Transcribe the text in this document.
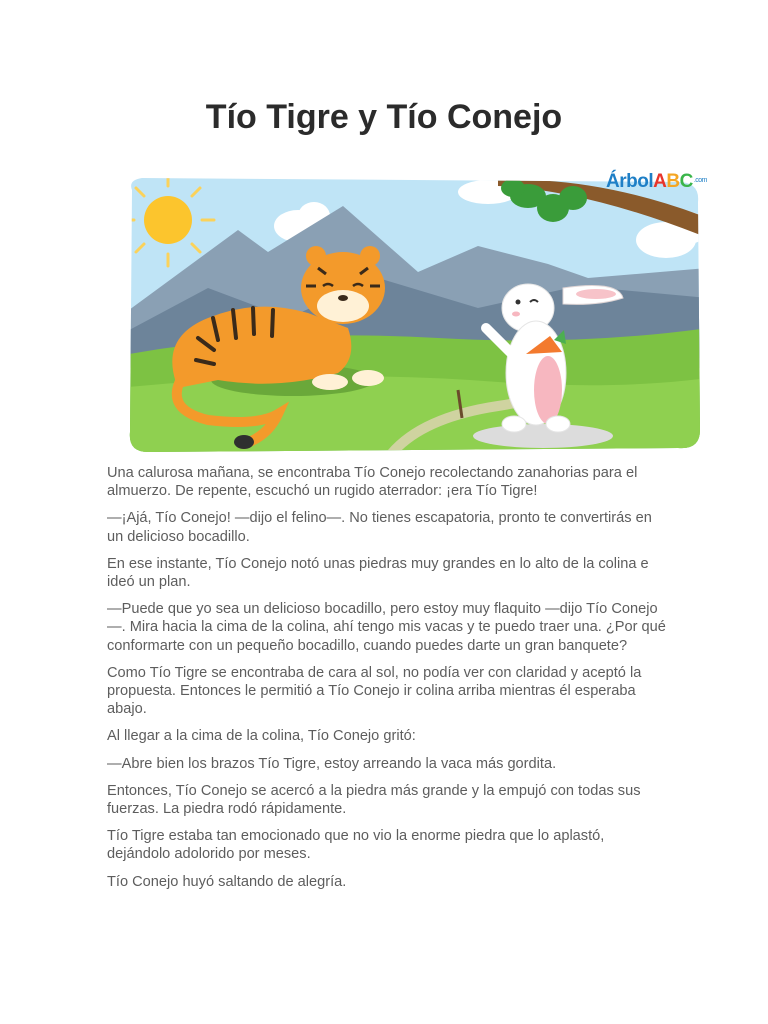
Tío Tigre y Tío Conejo
ÁrbolABC$^{.com}$

Una calurosa mañana, se encontraba Tío Conejo recolectando zanahorias para el almuerzo. De repente, escuchó un rugido aterrador: ¡era Tío Tigre!

—¡Ajá, Tío Conejo! —dijo el felino—. No tienes escapatoria, pronto te convertirás en un delicioso bocadillo.

En ese instante, Tío Conejo notó unas piedras muy grandes en lo alto de la colina e ideó un plan.

—Puede que yo sea un delicioso bocadillo, pero estoy muy flaquito —dijo Tío Conejo—. Mira hacia la cima de la colina, ahí tengo mis vacas y te puedo traer una. ¿Por qué conformarte con un pequeño bocadillo, cuando puedes darte un gran banquete?

Como Tío Tigre se encontraba de cara al sol, no podía ver con claridad y aceptó la propuesta. Entonces le permitió a Tío Conejo ir colina arriba mientras él esperaba abajo.

Al llegar a la cima de la colina, Tío Conejo gritó:

—Abre bien los brazos Tío Tigre, estoy arreando la vaca más gordita.

Entonces, Tío Conejo se acercó a la piedra más grande y la empujó con todas sus fuerzas. La piedra rodó rápidamente.

Tío Tigre estaba tan emocionado que no vio la enorme piedra que lo aplastó, dejándolo adolorido por meses.

Tío Conejo huyó saltando de alegría.
